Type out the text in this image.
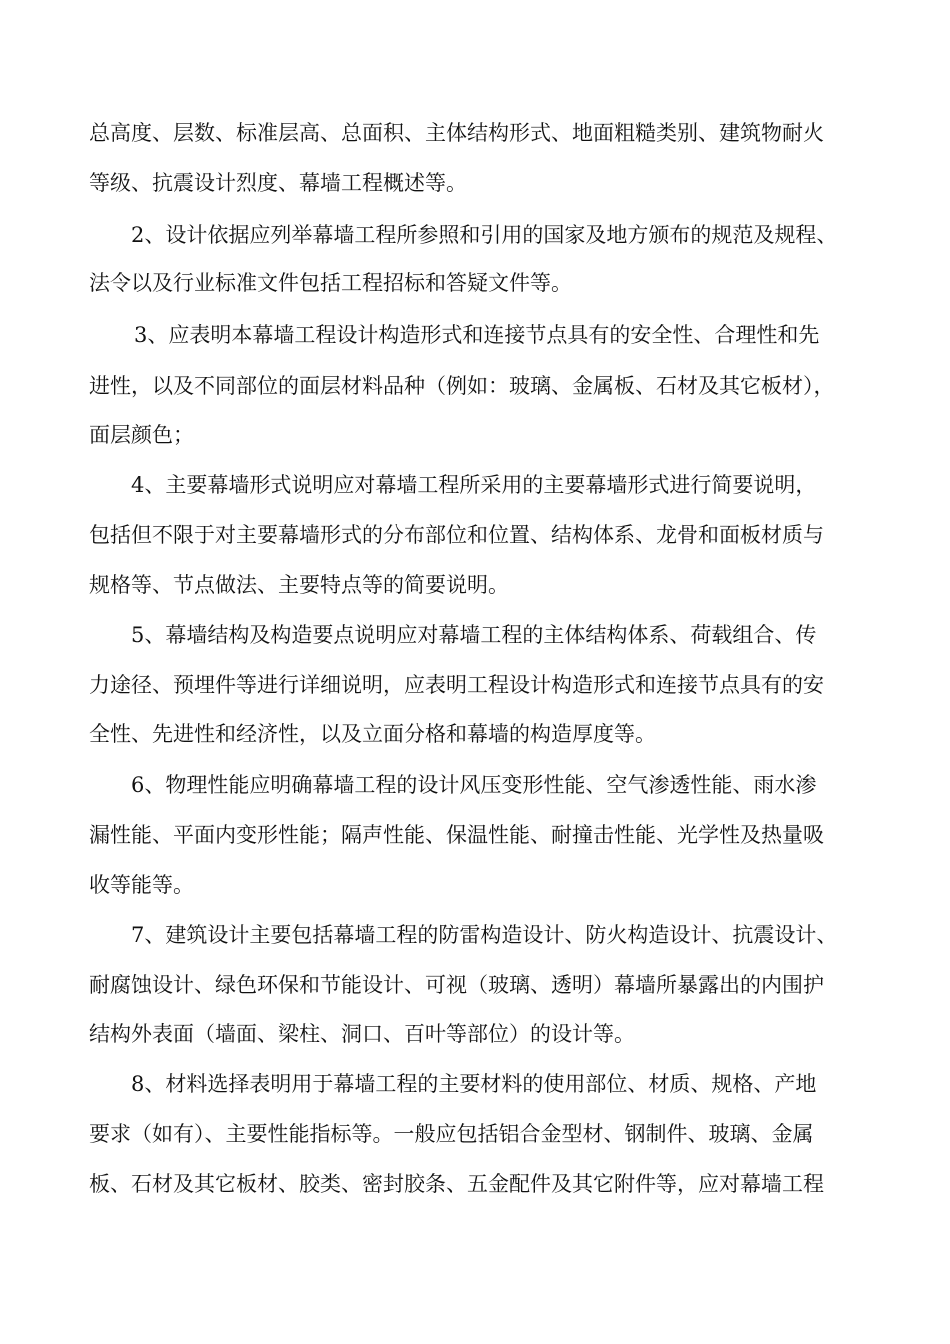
总高度、层数、标准层高、总面积、主体结构形式、地面粗糙类别、建筑物耐火

等级、抗震设计烈度、幕墙工程概述等。

2、设计依据应列举幕墙工程所参照和引用的国家及地方颁布的规范及规程、

法令以及行业标准文件包括工程招标和答疑文件等。

3、应表明本幕墙工程设计构造形式和连接节点具有的安全性、合理性和先

进性，以及不同部位的面层材料品种（例如：玻璃、金属板、石材及其它板材），

面层颜色；

4、主要幕墙形式说明应对幕墙工程所采用的主要幕墙形式进行简要说明，

包括但不限于对主要幕墙形式的分布部位和位置、结构体系、龙骨和面板材质与

规格等、节点做法、主要特点等的简要说明。

5、幕墙结构及构造要点说明应对幕墙工程的主体结构体系、荷载组合、传

力途径、预埋件等进行详细说明，应表明工程设计构造形式和连接节点具有的安

全性、先进性和经济性，以及立面分格和幕墙的构造厚度等。

6、物理性能应明确幕墙工程的设计风压变形性能、空气渗透性能、雨水渗

漏性能、平面内变形性能；隔声性能、保温性能、耐撞击性能、光学性及热量吸

收等能等。

7、建筑设计主要包括幕墙工程的防雷构造设计、防火构造设计、抗震设计、

耐腐蚀设计、绿色环保和节能设计、可视（玻璃、透明）幕墙所暴露出的内围护

结构外表面（墙面、梁柱、洞口、百叶等部位）的设计等。

8、材料选择表明用于幕墙工程的主要材料的使用部位、材质、规格、产地

要求（如有）、主要性能指标等。一般应包括铝合金型材、钢制件、玻璃、金属

板、石材及其它板材、胶类、密封胶条、五金配件及其它附件等，应对幕墙工程
